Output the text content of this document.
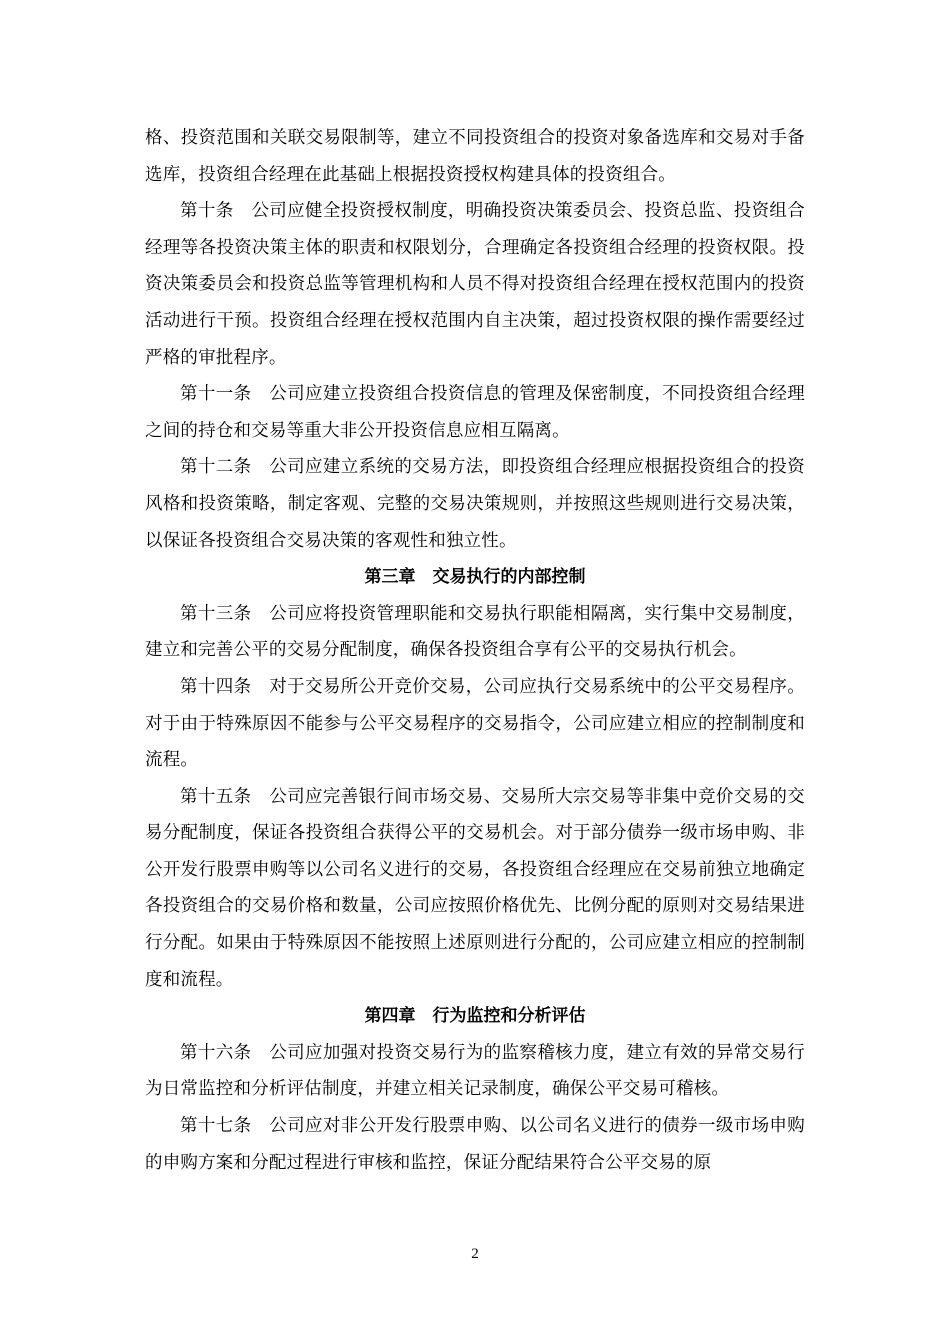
格、投资范围和关联交易限制等，建立不同投资组合的投资对象备选库和交易对手备选库，投资组合经理在此基础上根据投资授权构建具体的投资组合。

第十条　公司应健全投资授权制度，明确投资决策委员会、投资总监、投资组合经理等各投资决策主体的职责和权限划分，合理确定各投资组合经理的投资权限。投资决策委员会和投资总监等管理机构和人员不得对投资组合经理在授权范围内的投资活动进行干预。投资组合经理在授权范围内自主决策，超过投资权限的操作需要经过严格的审批程序。

第十一条　公司应建立投资组合投资信息的管理及保密制度，不同投资组合经理之间的持仓和交易等重大非公开投资信息应相互隔离。

第十二条　公司应建立系统的交易方法，即投资组合经理应根据投资组合的投资风格和投资策略，制定客观、完整的交易决策规则，并按照这些规则进行交易决策，以保证各投资组合交易决策的客观性和独立性。

第三章　交易执行的内部控制

第十三条　公司应将投资管理职能和交易执行职能相隔离，实行集中交易制度，建立和完善公平的交易分配制度，确保各投资组合享有公平的交易执行机会。

第十四条　对于交易所公开竞价交易，公司应执行交易系统中的公平交易程序。对于由于特殊原因不能参与公平交易程序的交易指令，公司应建立相应的控制制度和流程。

第十五条　公司应完善银行间市场交易、交易所大宗交易等非集中竞价交易的交易分配制度，保证各投资组合获得公平的交易机会。对于部分债券一级市场申购、非公开发行股票申购等以公司名义进行的交易，各投资组合经理应在交易前独立地确定各投资组合的交易价格和数量，公司应按照价格优先、比例分配的原则对交易结果进行分配。如果由于特殊原因不能按照上述原则进行分配的，公司应建立相应的控制制度和流程。

第四章　行为监控和分析评估

第十六条　公司应加强对投资交易行为的监察稽核力度，建立有效的异常交易行为日常监控和分析评估制度，并建立相关记录制度，确保公平交易可稽核。

第十七条　公司应对非公开发行股票申购、以公司名义进行的债券一级市场申购的申购方案和分配过程进行审核和监控，保证分配结果符合公平交易的原

2
